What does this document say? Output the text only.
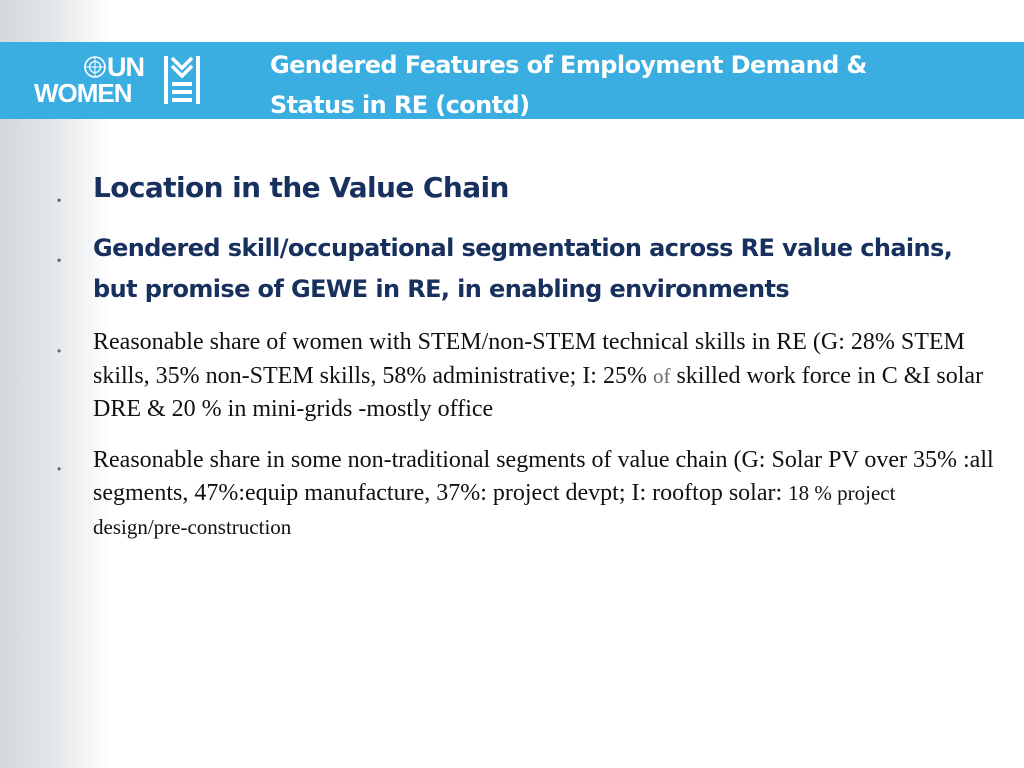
UN
WOMEN
Gendered Features of Employment Demand &
Status in RE (contd)
• Location in the Value Chain
• Gendered skill/occupational segmentation across RE value chains, but promise of GEWE in RE, in enabling environments
• Reasonable share of women with STEM/non-STEM technical skills in RE (G: 28% STEM skills, 35% non-STEM skills, 58% administrative; I: 25% of skilled work force in C &I solar DRE & 20 % in mini-grids -mostly office
• Reasonable share in some non-traditional segments of value chain (G: Solar PV over 35% :all segments, 47%:equip manufacture, 37%: project devpt; I: rooftop solar: 18 % project design/pre-construction
